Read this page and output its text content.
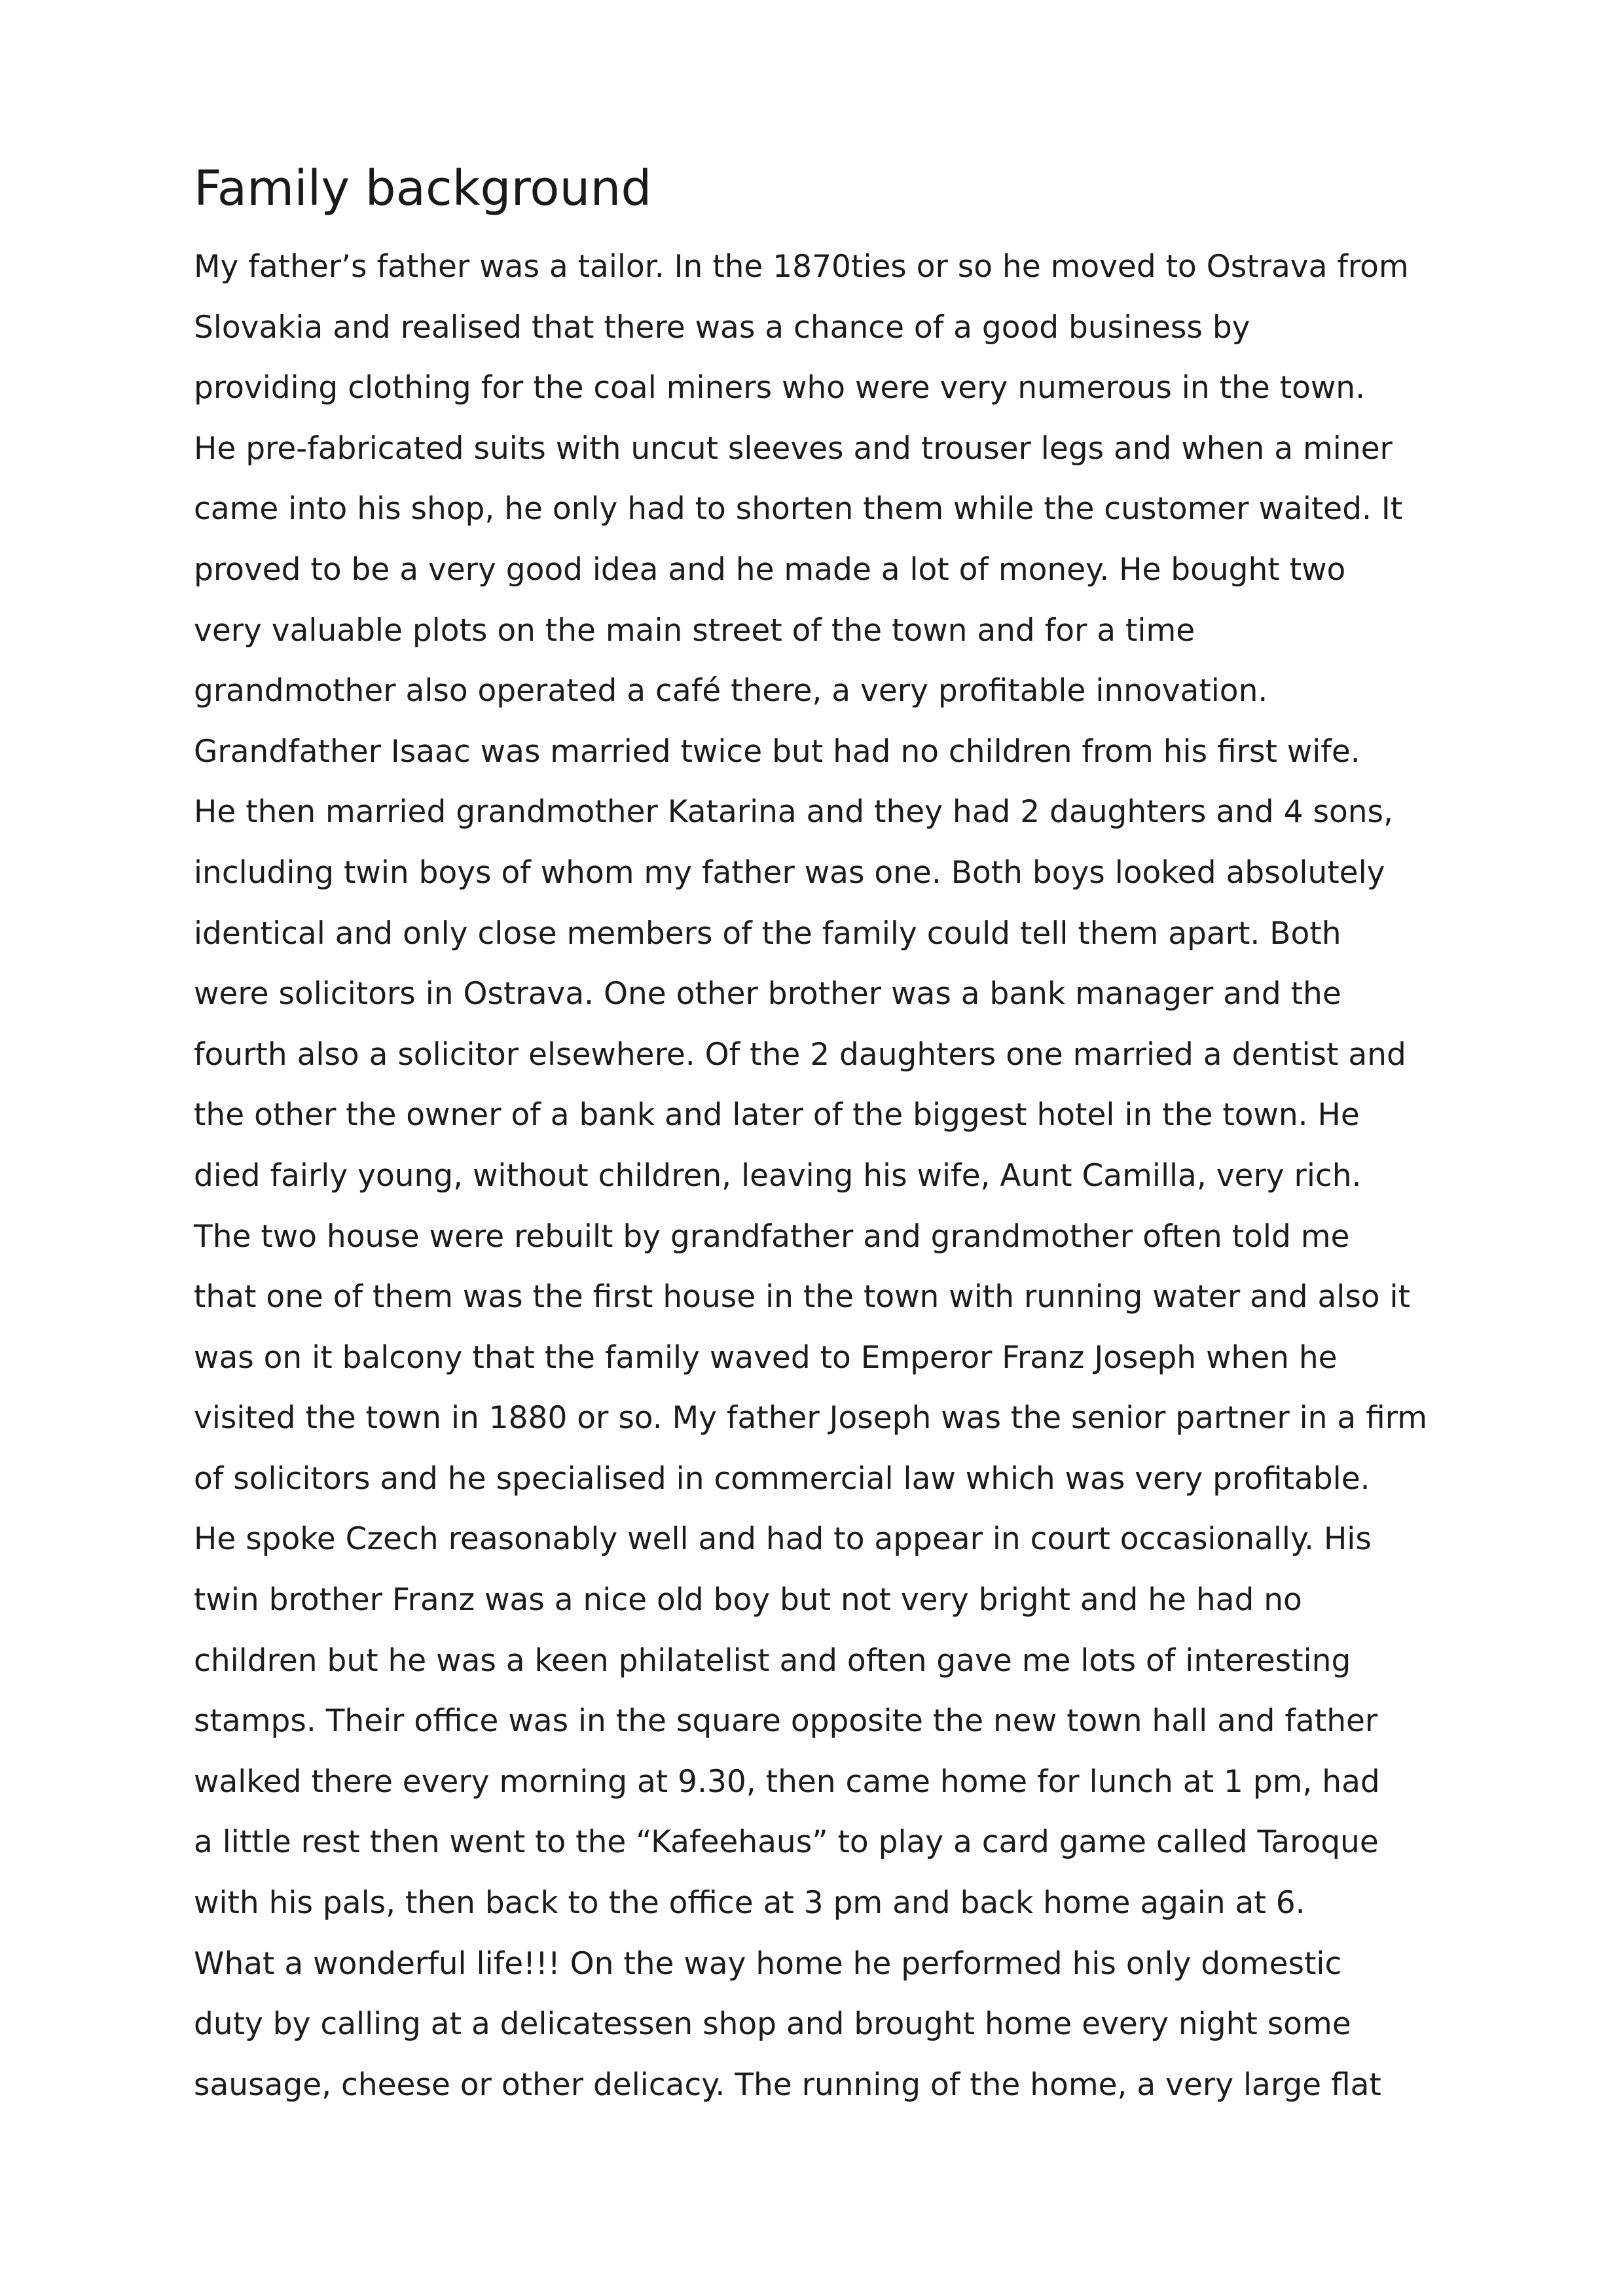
Family background
My father’s father was a tailor. In the 1870ties or so he moved to Ostrava from
Slovakia and realised that there was a chance of a good business by
providing clothing for the coal miners who were very numerous in the town.
He pre-fabricated suits with uncut sleeves and trouser legs and when a miner
came into his shop, he only had to shorten them while the customer waited. It
proved to be a very good idea and he made a lot of money. He bought two
very valuable plots on the main street of the town and for a time
grandmother also operated a café there, a very profitable innovation.
Grandfather Isaac was married twice but had no children from his first wife.
He then married grandmother Katarina and they had 2 daughters and 4 sons,
including twin boys of whom my father was one. Both boys looked absolutely
identical and only close members of the family could tell them apart. Both
were solicitors in Ostrava. One other brother was a bank manager and the
fourth also a solicitor elsewhere. Of the 2 daughters one married a dentist and
the other the owner of a bank and later of the biggest hotel in the town. He
died fairly young, without children, leaving his wife, Aunt Camilla, very rich.
The two house were rebuilt by grandfather and grandmother often told me
that one of them was the first house in the town with running water and also it
was on it balcony that the family waved to Emperor Franz Joseph when he
visited the town in 1880 or so. My father Joseph was the senior partner in a firm
of solicitors and he specialised in commercial law which was very profitable.
He spoke Czech reasonably well and had to appear in court occasionally. His
twin brother Franz was a nice old boy but not very bright and he had no
children but he was a keen philatelist and often gave me lots of interesting
stamps. Their office was in the square opposite the new town hall and father
walked there every morning at 9.30, then came home for lunch at 1 pm, had
a little rest then went to the “Kafeehaus” to play a card game called Taroque
with his pals, then back to the office at 3 pm and back home again at 6.
What a wonderful life!!! On the way home he performed his only domestic
duty by calling at a delicatessen shop and brought home every night some
sausage, cheese or other delicacy. The running of the home, a very large flat
